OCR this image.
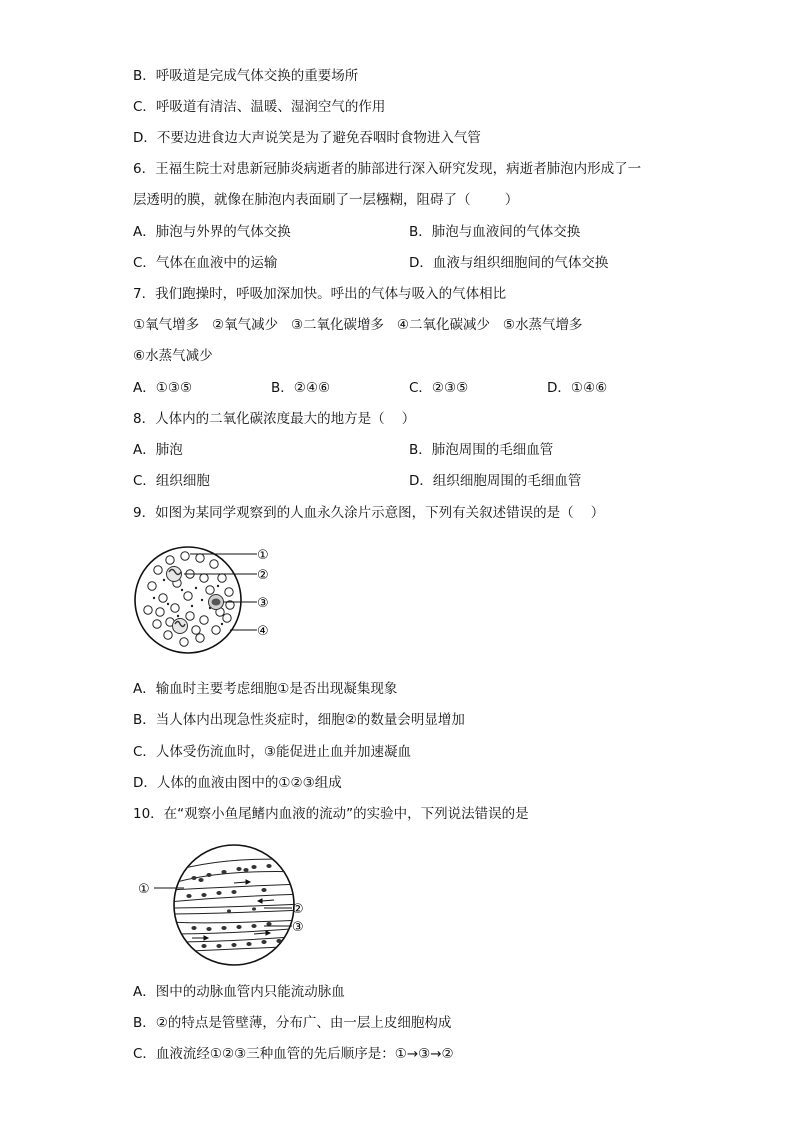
B．呼吸道是完成气体交换的重要场所
C．呼吸道有清洁、温暖、湿润空气的作用
D．不要边进食边大声说笑是为了避免吞咽时食物进入气管
6．王福生院士对患新冠肺炎病逝者的肺部进行深入研究发现，病逝者肺泡内形成了一
层透明的膜，就像在肺泡内表面刷了一层糨糊，阻碍了（        ）
A．肺泡与外界的气体交换	B．肺泡与血液间的气体交换
C．气体在血液中的运输	D．血液与组织细胞间的气体交换
7．我们跑操时，呼吸加深加快。呼出的气体与吸入的气体相比
①氧气增多   ②氧气减少   ③二氧化碳增多   ④二氧化碳减少   ⑤水蒸气增多
⑥水蒸气减少
A．①③⑤	B．②④⑥	C．②③⑤	D．①④⑥
8．人体内的二氧化碳浓度最大的地方是（    ）
A．肺泡	B．肺泡周围的毛细血管
C．组织细胞	D．组织细胞周围的毛细血管
9．如图为某同学观察到的人血永久涂片示意图，下列有关叙述错误的是（    ）
①
②
③
④
A．输血时主要考虑细胞①是否出现凝集现象
B．当人体内出现急性炎症时，细胞②的数量会明显增加
C．人体受伤流血时，③能促进止血并加速凝血
D．人体的血液由图中的①②③组成
10．在“观察小鱼尾鳍内血液的流动”的实验中，下列说法错误的是
①
②
③
A．图中的动脉血管内只能流动脉血
B．②的特点是管壁薄，分布广、由一层上皮细胞构成
C．血液流经①②③三种血管的先后顺序是：①→③→②
